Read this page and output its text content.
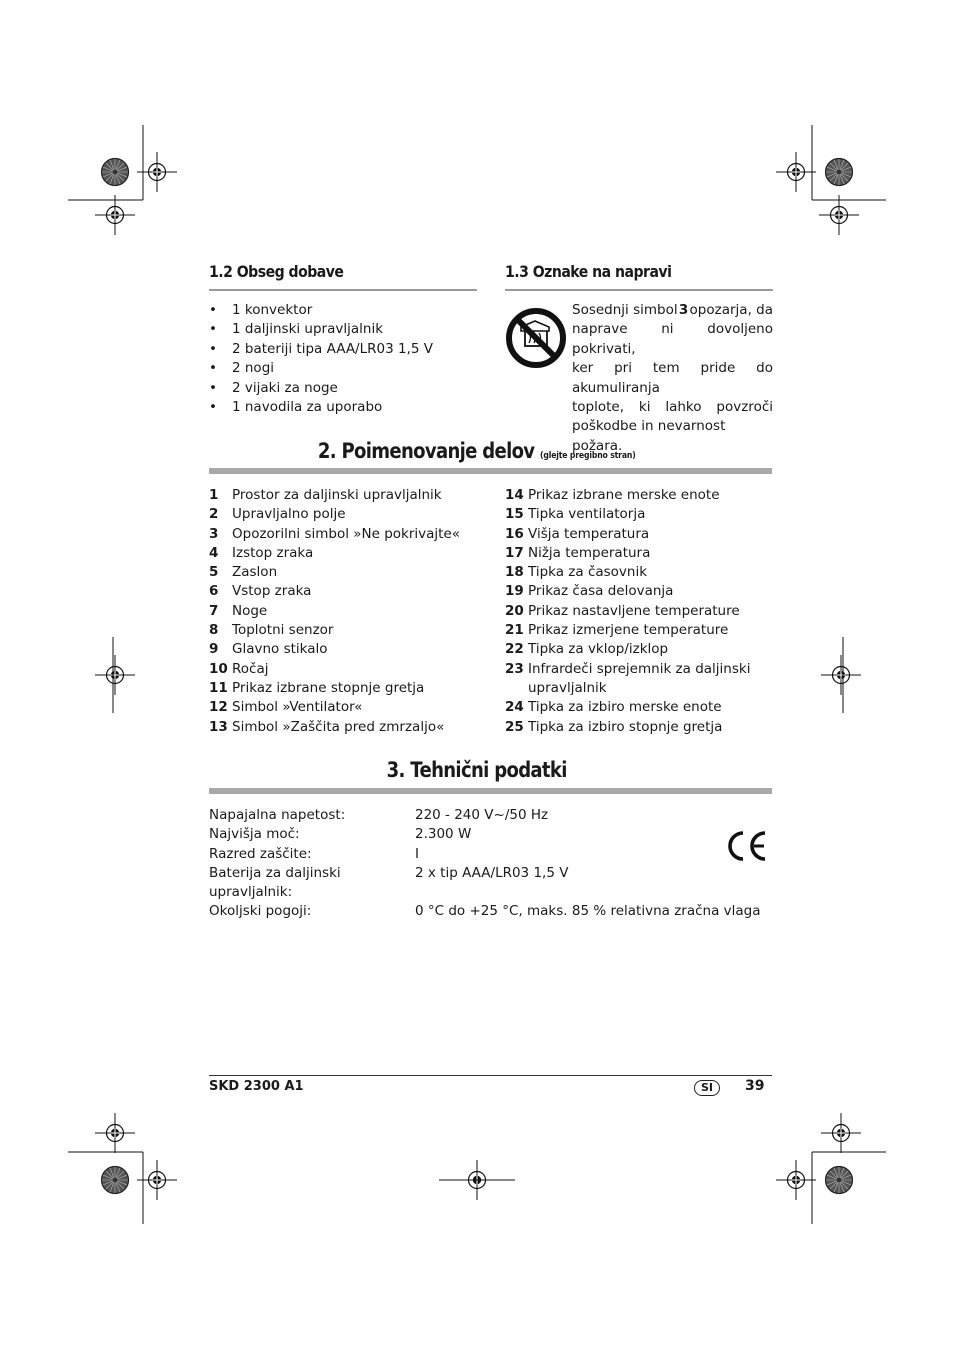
1.2 Obseg dobave
• 1 konvektor
• 1 daljinski upravljalnik
• 2 bateriji tipa AAA/LR03 1,5 V
• 2 nogi
• 2 vijaki za noge
• 1 navodila za uporabo
1.3 Oznake na napravi
Sosednji simbol 3 opozarja, da
naprave ni dovoljeno pokrivati,
ker pri tem pride do akumuliranja
toplote, ki lahko povzroči
poškodbe in nevarnost požara.
2. Poimenovanje delov (glejte pregibno stran)
1	Prostor za daljinski upravljalnik
2	Upravljalno polje
3	Opozorilni simbol »Ne pokrivajte«
4	Izstop zraka
5	Zaslon
6	Vstop zraka
7	Noge
8	Toplotni senzor
9	Glavno stikalo
10 Ročaj
11 Prikaz izbrane stopnje gretja
12 Simbol »Ventilator«
13 Simbol »Zaščita pred zmrzaljo«
14 Prikaz izbrane merske enote
15 Tipka ventilatorja
16 Višja temperatura
17 Nižja temperatura
18 Tipka za časovnik
19 Prikaz časa delovanja
20 Prikaz nastavljene temperature
21 Prikaz izmerjene temperature
22 Tipka za vklop/izklop
23 Infrardeči sprejemnik za daljinski
upravljalnik
24 Tipka za izbiro merske enote
25 Tipka za izbiro stopnje gretja
3. Tehnični podatki
Napajalna napetost:	220 - 240 V~/50 Hz
Najvišja moč:	2.300 W
Razred zaščite:	I
Baterija za daljinski upravljalnik:
2 x tip AAA/LR03 1,5 V
Okoljski pogoji:	0 °C do +25 °C, maks. 85 % relativna zračna vlaga
SKD 2300 A1	SI	39
